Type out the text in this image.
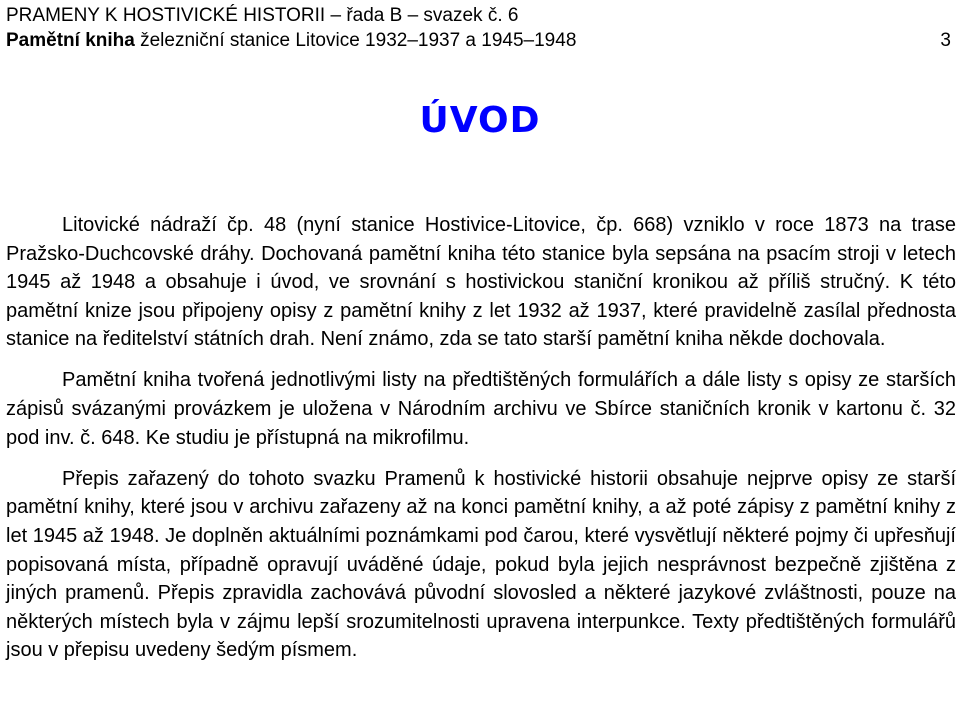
PRAMENY K HOSTIVICKÉ HISTORII – řada B – svazek č. 6
Pamětní kniha železniční stanice Litovice 1932–1937 a 1945–1948	3
ÚVOD

Litovické nádraží čp. 48 (nyní stanice Hostivice-Litovice, čp. 668) vzniklo v roce 1873 na trase Pražsko-Duchcovské dráhy. Dochovaná pamětní kniha této stanice byla sepsána na psacím stroji v letech 1945 až 1948 a obsahuje i úvod, ve srovnání s hostivickou staniční kronikou až příliš stručný. K této pamětní knize jsou připojeny opisy z pamětní knihy z let 1932 až 1937, které pravidelně zasílal přednosta stanice na ředitelství státních drah. Není známo, zda se tato starší pamětní kniha někde dochovala.

Pamětní kniha tvořená jednotlivými listy na předtištěných formulářích a dále listy s opisy ze starších zápisů svázanými provázkem je uložena v Národním archivu ve Sbírce staničních kronik v kartonu č. 32 pod inv. č. 648. Ke studiu je přístupná na mikrofilmu.

Přepis zařazený do tohoto svazku Pramenů k hostivické historii obsahuje nejprve opisy ze starší pamětní knihy, které jsou v archivu zařazeny až na konci pamětní knihy, a až poté zápisy z pamětní knihy z let 1945 až 1948. Je doplněn aktuálními poznámkami pod čarou, které vysvětlují některé pojmy či upřesňují popisovaná místa, případně opravují uváděné údaje, pokud byla jejich nesprávnost bezpečně zjištěna z jiných pramenů. Přepis zpravidla zachovává původní slovosled a některé jazykové zvláštnosti, pouze na některých místech byla v zájmu lepší srozumitelnosti upravena interpunkce. Texty předtištěných formulářů jsou v přepisu uvedeny šedým písmem.
